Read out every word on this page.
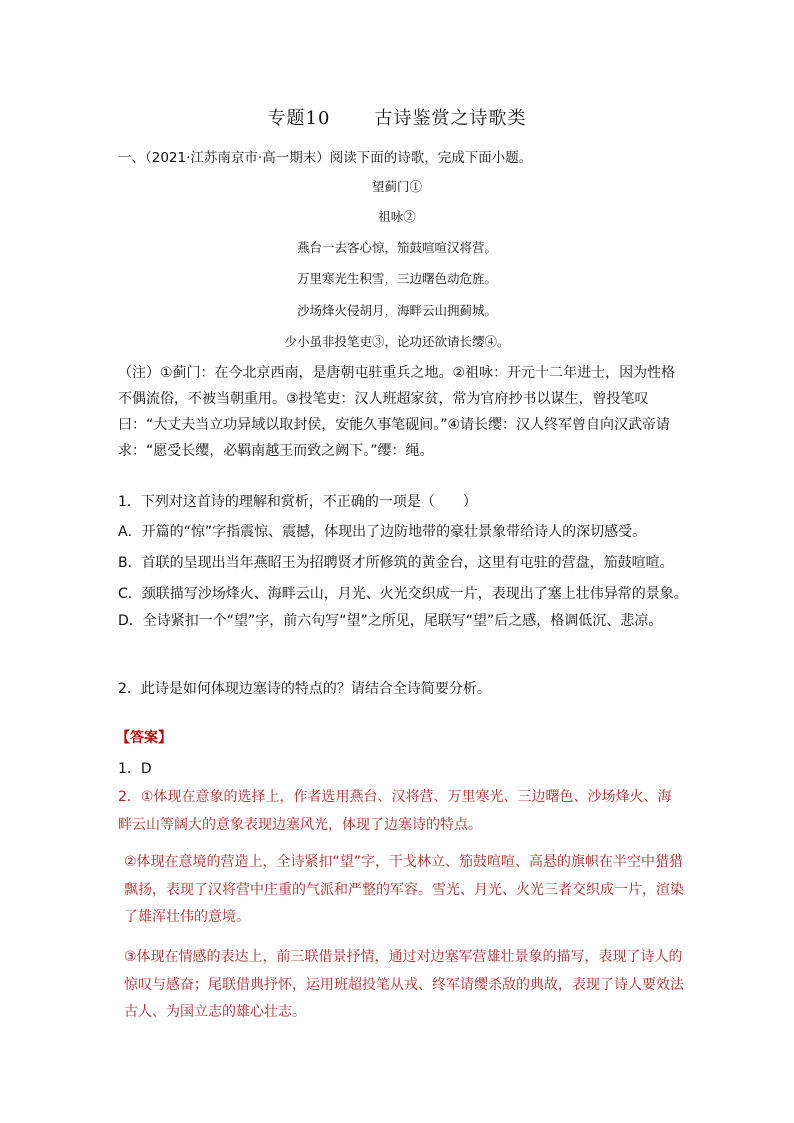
专题10 古诗鉴赏之诗歌类
一、（2021·江苏南京市·高一期末）阅读下面的诗歌，完成下面小题。
望蓟门①
祖咏②
燕台一去客心惊，笳鼓喧喧汉将营。
万里寒光生积雪，三边曙色动危旌。
沙场烽火侵胡月，海畔云山拥蓟城。
少小虽非投笔吏③，论功还欲请长缨④。
（注）①蓟门：在今北京西南，是唐朝屯驻重兵之地。②祖咏：开元十二年进士，因为性格不偶流俗，不被当朝重用。③投笔吏：汉人班超家贫，常为官府抄书以谋生，曾投笔叹曰：“大丈夫当立功异域以取封侯，安能久事笔砚间。”④请长缨：汉人终军曾自向汉武帝请求：“愿受长缨，必羁南越王而致之阙下。”缨：绳。
1．下列对这首诗的理解和赏析，不正确的一项是（　　）
A．开篇的“惊”字指震惊、震撼，体现出了边防地带的豪壮景象带给诗人的深切感受。
B．首联的呈现出当年燕昭王为招聘贤才所修筑的黄金台，这里有屯驻的营盘，笳鼓喧喧。
C．颈联描写沙场烽火、海畔云山，月光、火光交织成一片，表现出了塞上壮伟异常的景象。
D．全诗紧扣一个“望”字，前六句写“望”之所见，尾联写“望”后之感，格调低沉、悲凉。
2．此诗是如何体现边塞诗的特点的？请结合全诗简要分析。
【答案】
1．D
2．①体现在意象的选择上，作者选用燕台、汉将营、万里寒光、三边曙色、沙场烽火、海畔云山等阔大的意象表现边塞风光，体现了边塞诗的特点。
②体现在意境的营造上，全诗紧扣“望”字，干戈林立、笳鼓喧喧、高悬的旗帜在半空中猎猎飘扬，表现了汉将营中庄重的气派和严整的军容。雪光、月光、火光三者交织成一片，渲染了雄浑壮伟的意境。
③体现在情感的表达上，前三联借景抒情，通过对边塞军营雄壮景象的描写，表现了诗人的惊叹与感奋；尾联借典抒怀，运用班超投笔从戎、终军请缨杀敌的典故，表现了诗人要效法古人、为国立志的雄心壮志。
